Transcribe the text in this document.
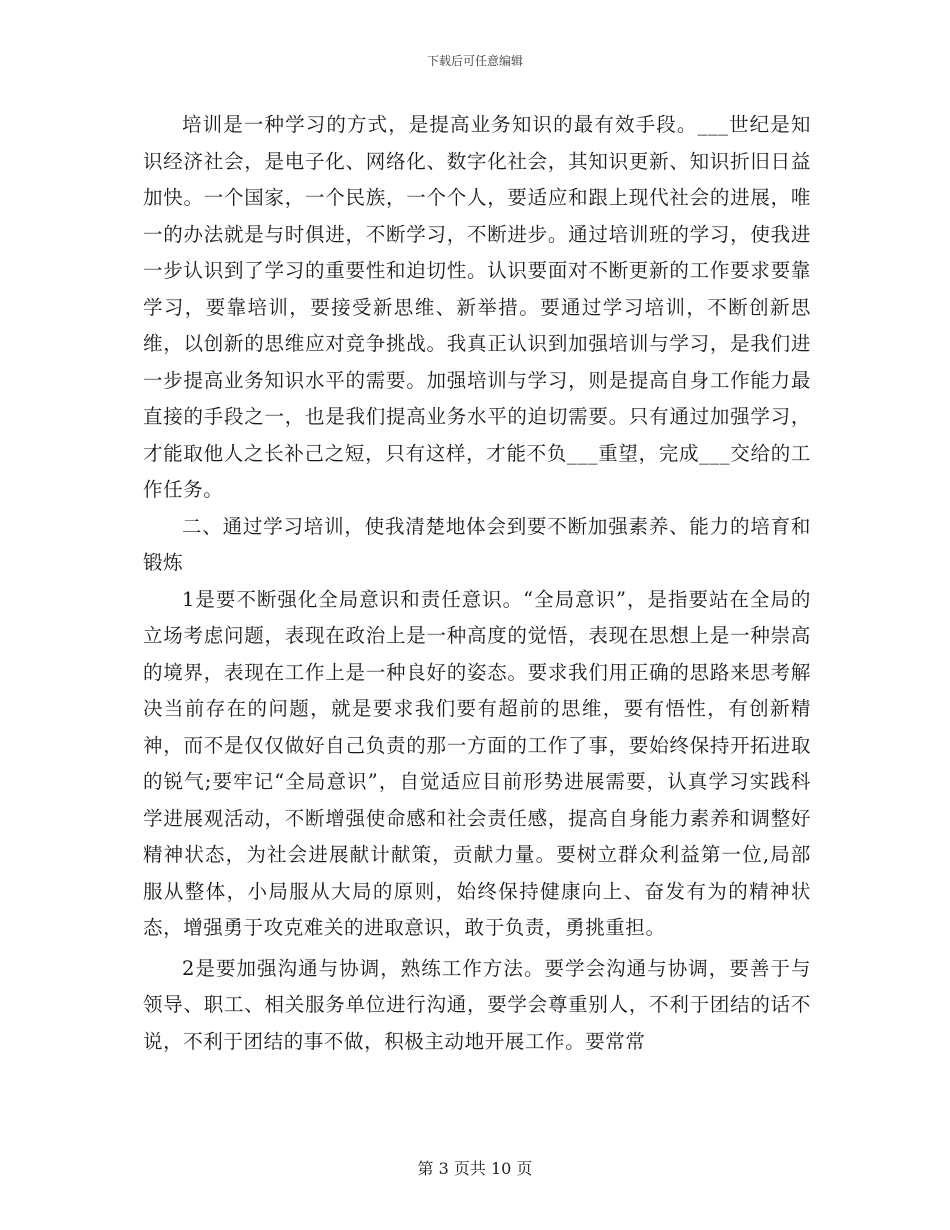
下载后可任意编辑

培训是一种学习的方式，是提高业务知识的最有效手段。___世纪是知识经济社会，是电子化、网络化、数字化社会，其知识更新、知识折旧日益加快。一个国家，一个民族，一个个人，要适应和跟上现代社会的进展，唯一的办法就是与时俱进，不断学习，不断进步。通过培训班的学习，使我进一步认识到了学习的重要性和迫切性。认识要面对不断更新的工作要求要靠学习，要靠培训，要接受新思维、新举措。要通过学习培训，不断创新思维，以创新的思维应对竞争挑战。我真正认识到加强培训与学习，是我们进一步提高业务知识水平的需要。加强培训与学习，则是提高自身工作能力最直接的手段之一，也是我们提高业务水平的迫切需要。只有通过加强学习，才能取他人之长补己之短，只有这样，才能不负___重望，完成___交给的工作任务。

二、通过学习培训，使我清楚地体会到要不断加强素养、能力的培育和锻炼

1是要不断强化全局意识和责任意识。“全局意识”，是指要站在全局的立场考虑问题，表现在政治上是一种高度的觉悟，表现在思想上是一种崇高的境界，表现在工作上是一种良好的姿态。要求我们用正确的思路来思考解决当前存在的问题，就是要求我们要有超前的思维，要有悟性，有创新精神，而不是仅仅做好自己负责的那一方面的工作了事，要始终保持开拓进取的锐气;要牢记“全局意识”，自觉适应目前形势进展需要，认真学习实践科学进展观活动，不断增强使命感和社会责任感，提高自身能力素养和调整好精神状态，为社会进展献计献策，贡献力量。要树立群众利益第一位,局部服从整体，小局服从大局的原则，始终保持健康向上、奋发有为的精神状态，增强勇于攻克难关的进取意识，敢于负责，勇挑重担。

2是要加强沟通与协调，熟练工作方法。要学会沟通与协调，要善于与领导、职工、相关服务单位进行沟通，要学会尊重别人，不利于团结的话不说，不利于团结的事不做，积极主动地开展工作。要常常

第 3 页共 10 页
